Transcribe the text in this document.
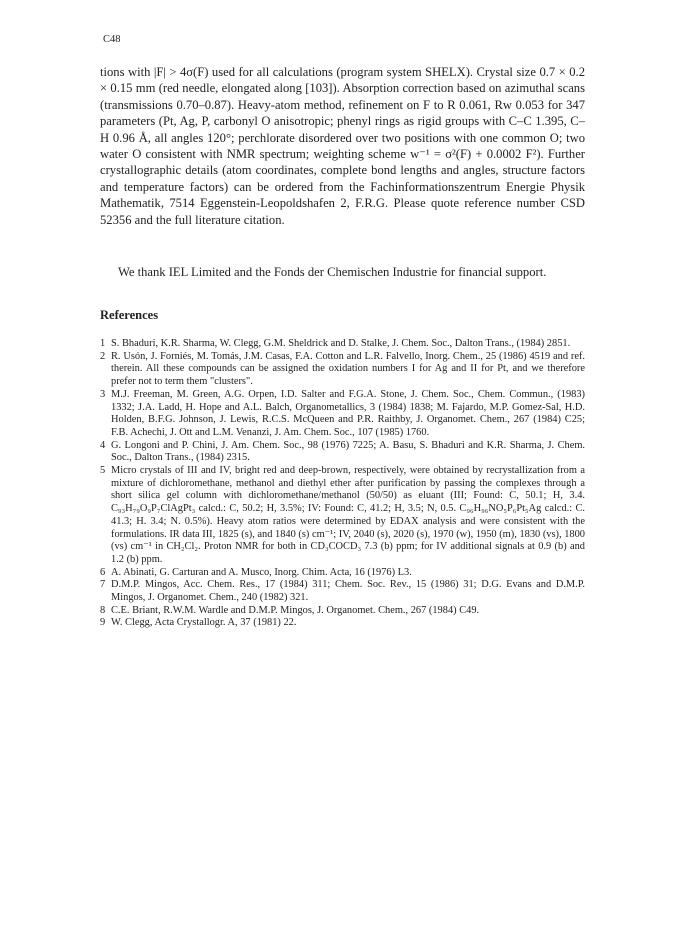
C48
tions with |F| > 4σ(F) used for all calculations (program system SHELX). Crystal size 0.7 × 0.2 × 0.15 mm (red needle, elongated along [103]). Absorption correction based on azimuthal scans (transmissions 0.70–0.87). Heavy-atom method, refinement on F to R 0.061, Rw 0.053 for 347 parameters (Pt, Ag, P, carbonyl O anisotropic; phenyl rings as rigid groups with C–C 1.395, C–H 0.96 Å, all angles 120°; perchlorate disordered over two positions with one common O; two water O consistent with NMR spectrum; weighting scheme w⁻¹ = σ²(F) + 0.0002 F²). Further crystallographic details (atom coordinates, complete bond lengths and angles, structure factors and temperature factors) can be ordered from the Fachinformationszentrum Energie Physik Mathematik, 7514 Eggenstein-Leopoldshafen 2, F.R.G. Please quote reference number CSD 52356 and the full literature citation.
We thank IEL Limited and the Fonds der Chemischen Industrie for financial support.
References
1 S. Bhaduri, K.R. Sharma, W. Clegg, G.M. Sheldrick and D. Stalke, J. Chem. Soc., Dalton Trans., (1984) 2851.
2 R. Usón, J. Forniés, M. Tomás, J.M. Casas, F.A. Cotton and L.R. Falvello, Inorg. Chem., 25 (1986) 4519 and ref. therein. All these compounds can be assigned the oxidation numbers I for Ag and II for Pt, and we therefore prefer not to term them "clusters".
3 M.J. Freeman, M. Green, A.G. Orpen, I.D. Salter and F.G.A. Stone, J. Chem. Soc., Chem. Commun., (1983) 1332; J.A. Ladd, H. Hope and A.L. Balch, Organometallics, 3 (1984) 1838; M. Fajardo, M.P. Gomez-Sal, H.D. Holden, B.F.G. Johnson, J. Lewis, R.C.S. McQueen and P.R. Raithby, J. Organomet. Chem., 267 (1984) C25; F.B. Achechi, J. Ott and L.M. Venanzi, J. Am. Chem. Soc., 107 (1985) 1760.
4 G. Longoni and P. Chini, J. Am. Chem. Soc., 98 (1976) 7225; A. Basu, S. Bhaduri and K.R. Sharma, J. Chem. Soc., Dalton Trans., (1984) 2315.
5 Micro crystals of III and IV, bright red and deep-brown, respectively, were obtained by recrystallization from a mixture of dichloromethane, methanol and diethyl ether after purification by passing the complexes through a short silica gel column with dichloromethane/methanol (50/50) as eluant (III; Found: C, 50.1; H, 3.4. C₉₃H₇₉O₉P₇ClAgPt₃ calcd.: C, 50.2; H, 3.5%; IV: Found: C, 41.2; H, 3.5; N, 0.5. C₉₆H₉₆NO₅P₆Pt₅Ag calcd.: C. 41.3; H. 3.4; N. 0.5%). Heavy atom ratios were determined by EDAX analysis and were consistent with the formulations. IR data III, 1825 (s), and 1840 (s) cm⁻¹; IV, 2040 (s), 2020 (s), 1970 (w), 1950 (m), 1830 (vs), 1800 (vs) cm⁻¹ in CH₂Cl₂. Proton NMR for both in CD₃COCD₃ 7.3 (b) ppm; for IV additional signals at 0.9 (b) and 1.2 (b) ppm.
6 A. Abinati, G. Carturan and A. Musco, Inorg. Chim. Acta, 16 (1976) L3.
7 D.M.P. Mingos, Acc. Chem. Res., 17 (1984) 311; Chem. Soc. Rev., 15 (1986) 31; D.G. Evans and D.M.P. Mingos, J. Organomet. Chem., 240 (1982) 321.
8 C.E. Briant, R.W.M. Wardle and D.M.P. Mingos, J. Organomet. Chem., 267 (1984) C49.
9 W. Clegg, Acta Crystallogr. A, 37 (1981) 22.
